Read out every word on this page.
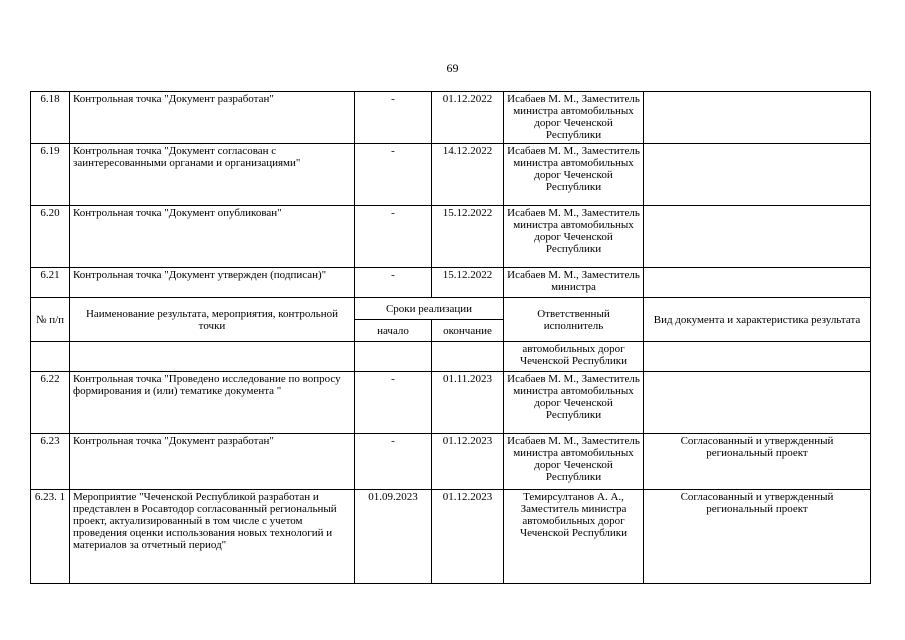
69
6.18	Контрольная точка "Документ разработан"	-	01.12.2022	Исабаев М. М., Заместитель министра автомобильных дорог Чеченской Республики	
6.19	Контрольная точка "Документ согласован с заинтересованными органами и организациями"	-	14.12.2022	Исабаев М. М., Заместитель министра автомобильных дорог Чеченской Республики	
6.20	Контрольная точка "Документ опубликован"	-	15.12.2022	Исабаев М. М., Заместитель министра автомобильных дорог Чеченской Республики	
6.21	Контрольная точка "Документ утвержден (подписан)"	-	15.12.2022	Исабаев М. М., Заместитель министра	
№ п/п	Наименование результата, мероприятия, контрольной точки	Сроки реализации		Ответственный исполнитель	Вид документа и характеристика результата
		начало	окончание		
				автомобильных дорог Чеченской Республики	
6.22	Контрольная точка "Проведено исследование по вопросу формирования и (или) тематике документа "	-	01.11.2023	Исабаев М. М., Заместитель министра автомобильных дорог Чеченской Республики	
6.23	Контрольная точка "Документ разработан"	-	01.12.2023	Исабаев М. М., Заместитель министра автомобильных дорог Чеченской Республики	Согласованный и утвержденный региональный проект
6.23. 1	Мероприятие "Чеченской Республикой разработан и представлен в Росавтодор согласованный региональный проект, актуализированный в том числе с учетом проведения оценки использования новых технологий и материалов за отчетный период"	01.09.2023	01.12.2023	Темирсултанов А. А., Заместитель министра автомобильных дорог Чеченской Республики	Согласованный и утвержденный региональный проект
